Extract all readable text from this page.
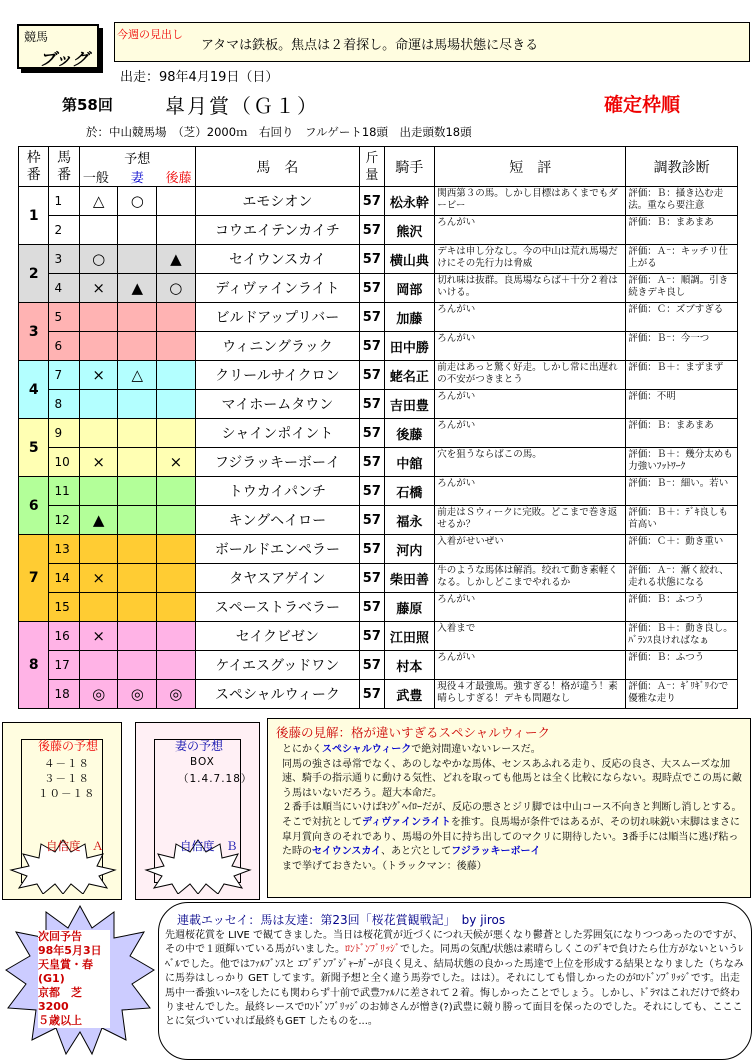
競馬
ブッグ
今週の見出し
アタマは鉄板。焦点は２着探し。命運は馬場状態に尽きる
出走：98年4月19日（日）
第58回	皐月賞（Ｇ１）	確定枠順
於：中山競馬場　（芝）2000ｍ　右回り　フルゲート18頭　出走頭数18頭
枠番	馬番	予想
一般 妻 後藤			馬　名	斤量	騎手	短　評	調教診断
1	1	△	○		エモシオン	57	松永幹	関西第３の馬。しかし目標はあくまでもダービー	評価：Ｂ：掻き込む走法。重なら要注意
	2				コウエイテンカイチ	57	熊沢	ろんがい	評価：Ｂ：まあまあ
2	3	○		▲	セイウンスカイ	57	横山典	デキは申し分なし。今の中山は荒れ馬場だけにその先行力は脅威	評価：Ａ⁻：キッチリ仕上がる
	4	×	▲	○	ディヴァインライト	57	岡部	切れ味は抜群。良馬場ならば＋十分２着はいける。	評価：Ａ⁻：順調。引き続きデキ良し
3	5				ビルドアップリバー	57	加藤	ろんがい	評価：Ｃ：ズブすぎる
	6				ウィニングラック	57	田中勝	ろんがい	評価：Ｂ⁻：今一つ
4	7	×	△		クリールサイクロン	57	蛯名正	前走はあっと驚く好走。しかし常に出遅れの不安がつきまとう	評価：Ｂ＋：まずまず
	8				マイホームタウン	57	吉田豊	ろんがい	評価：不明
5	9				シャインポイント	57	後藤	ろんがい	評価：Ｂ：まあまあ
	10	×		×	フジラッキーボーイ	57	中舘	穴を狙うならばこの馬。	評価：Ｂ＋：幾分太めも力強いﾌｯﾄﾜｰｸ
6	11				トウカイパンチ	57	石橋	ろんがい	評価：Ｂ⁻：細い。若い
	12	▲			キングヘイロー	57	福永	前走はＳウィークに完敗。どこまで巻き返せるか？	評価：Ｂ＋：ﾃﾞｷ良しも首高い
7	13				ボールドエンペラー	57	河内	入着がせいぜい	評価：Ｃ＋：動き重い
	14	×			タヤスアゲイン	57	柴田善	牛のような馬体は解消。绞れて動き素軽くなる。しかしどこまでやれるか	評価：Ａ⁻：漸く絞れ、走れる状態になる
	15				スペーストラベラー	57	藤原	ろんがい	評価：Ｂ：ふつう
8	16	×			セイクビゼン	57	江田照	入着まで	評価：Ｂ＋：動き良し。ﾊﾞﾗﾝｽ良ければなぁ
	17				ケイエスグッドワン	57	村本	ろんがい	評価：Ｂ：ふつう
	18	◎	◎	◎	スペシャルウィーク	57	武豊	現役４才最強馬。強すぎる！格が違う！素晴らしすぎる！デキも問題なし	評価：Ａ⁻：ｷﾞﾘｷﾞﾘｲﾝで優雅な走り
後藤の予想
４－１８
３－１８
１０－１８
自信度　Ａ
妻の予想
BOX
（1.4.7.18）
自信度　Ｂ
後藤の見解：格が違いすぎるスペシャルウィーク
とにかくスペシャルウィークで絶対間違いないレースだ。
同馬の強さは尋常でなく、あのしなやかな馬体、センスあふれる走り、反応の良さ、大スムーズな加速、騎手の指示通りに動ける気性、どれを取っても他馬とは全く比較にならない。現時点でこの馬に敵う馬はいないだろう。超大本命だ。
２番手は順当にいけばｷﾝｸﾞﾍｲﾛｰだが、反応の悪さとジリ脚では中山コース不向きと判断し消しとする。そこで対抗としてディヴァインライトを推す。良馬場が条件ではあるが、その切れ味鋭い末脚はまさに皐月賞向きのそれであり、馬場の外目に持ち出してのマクリに期待したい。3番手には順当に逃げ粘った時のセイウンスカイ、あと穴としてフジラッキーボーイまで挙げておきたい。（トラックマン：後藤）
次回予告
98年5月3日
天皇賞・春(G1)
京都　芝3200
５歳以上
連載エッセイ：馬は友達：第23回「桜花賞観戦記」　by jiros
先週桜花賞を LIVE で観てきました。当日は桜花賞が近づくにつれ天候が悪くなり鬱蒼とした雰囲気になりつつあったのですが、その中で１頭輝いている馬がいました。ﾛﾝﾄﾞﾝﾌﾞﾘｯｼﾞでした。同馬の気配/状態は素晴らしくこのﾃﾞｷで負けたら仕方がないというﾚﾍﾞﾙでした。他ではﾌｧﾙﾌﾞﾝｽと ｴﾌﾞﾃﾞﾝﾌﾞｼﾞｬｰｶﾞｰが良く見え、結局状態の良かった馬達で上位を形成する結果となりました（ちなみに馬券はしっかり GET してます。新聞予想と全く違う馬券でした。はは）。それにしても惜しかったのがﾛﾝﾄﾞﾝﾌﾞﾘｯｼﾞです。出走馬中一番強いﾚｰｽをしたにも関わらず十前で武豊ﾌｧﾙﾉに差されて２着。悔しかったことでしょう。しかし、ﾄﾞﾗﾏはこれだけで終わりませんでした。最終レースでﾛﾝﾄﾞﾝﾌﾞﾘｯｼﾞのお姉さんが憎き(?)武豊に競り勝って面目を保ったのでした。それにしても、ここことに気づいていれば最終もGET したものを...。
